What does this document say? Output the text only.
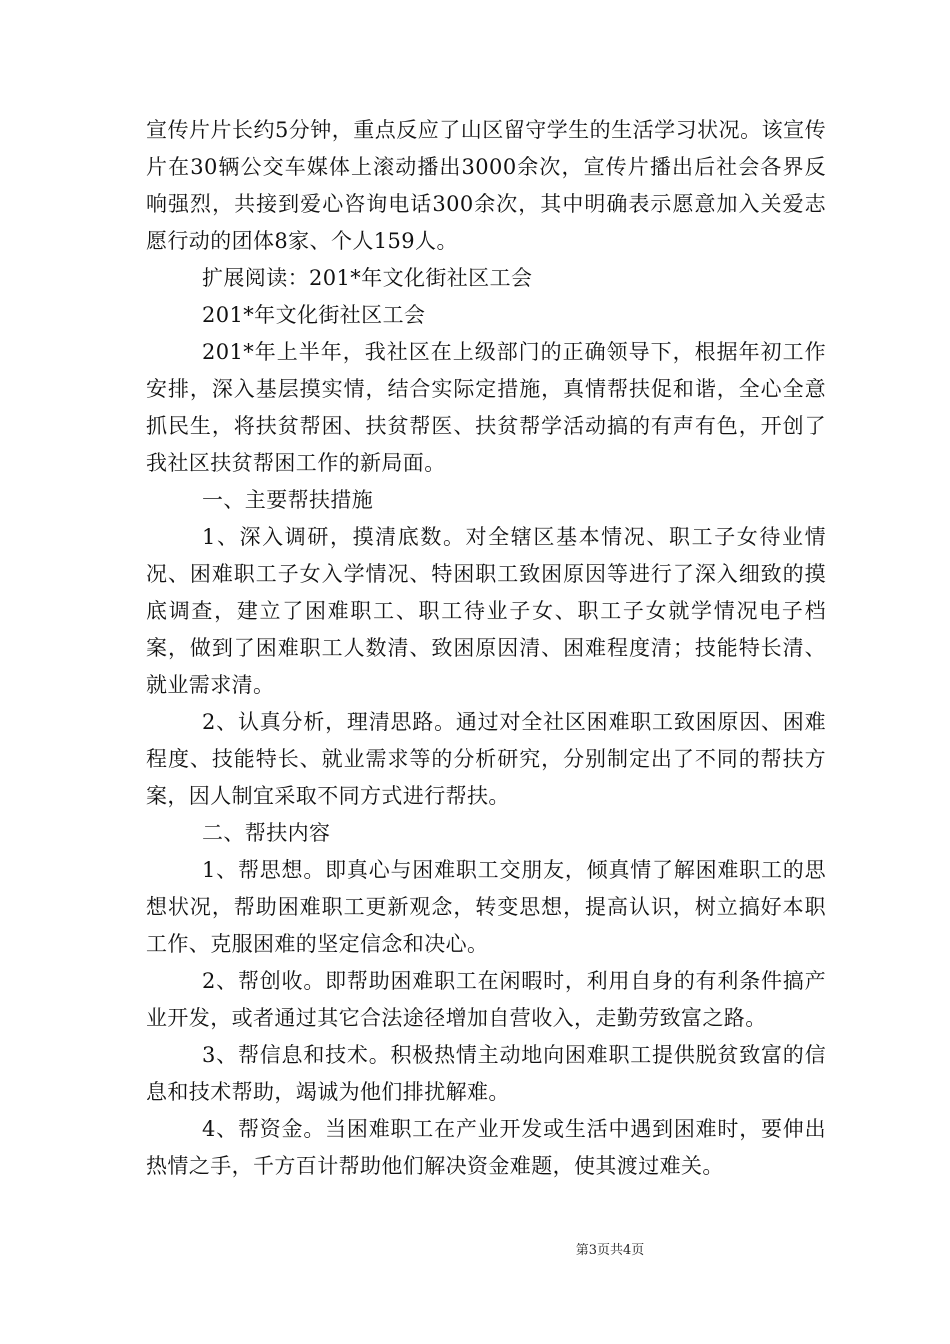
宣传片片长约5分钟，重点反应了山区留守学生的生活学习状况。该宣传片在30辆公交车媒体上滚动播出3000余次，宣传片播出后社会各界反响强烈，共接到爱心咨询电话300余次，其中明确表示愿意加入关爱志愿行动的团体8家、个人159人。

扩展阅读：201*年文化街社区工会

201*年文化街社区工会

201*年上半年，我社区在上级部门的正确领导下，根据年初工作安排，深入基层摸实情，结合实际定措施，真情帮扶促和谐，全心全意抓民生，将扶贫帮困、扶贫帮医、扶贫帮学活动搞的有声有色，开创了我社区扶贫帮困工作的新局面。

一、主要帮扶措施

1、深入调研，摸清底数。对全辖区基本情况、职工子女待业情况、困难职工子女入学情况、特困职工致困原因等进行了深入细致的摸底调查，建立了困难职工、职工待业子女、职工子女就学情况电子档案，做到了困难职工人数清、致困原因清、困难程度清；技能特长清、就业需求清。

2、认真分析，理清思路。通过对全社区困难职工致困原因、困难程度、技能特长、就业需求等的分析研究，分别制定出了不同的帮扶方案，因人制宜采取不同方式进行帮扶。

二、帮扶内容

1、帮思想。即真心与困难职工交朋友，倾真情了解困难职工的思想状况，帮助困难职工更新观念，转变思想，提高认识，树立搞好本职工作、克服困难的坚定信念和决心。

2、帮创收。即帮助困难职工在闲暇时，利用自身的有利条件搞产业开发，或者通过其它合法途径增加自营收入，走勤劳致富之路。

3、帮信息和技术。积极热情主动地向困难职工提供脱贫致富的信息和技术帮助，竭诚为他们排扰解难。

4、帮资金。当困难职工在产业开发或生活中遇到困难时，要伸出热情之手，千方百计帮助他们解决资金难题，使其渡过难关。

第3页共4页
